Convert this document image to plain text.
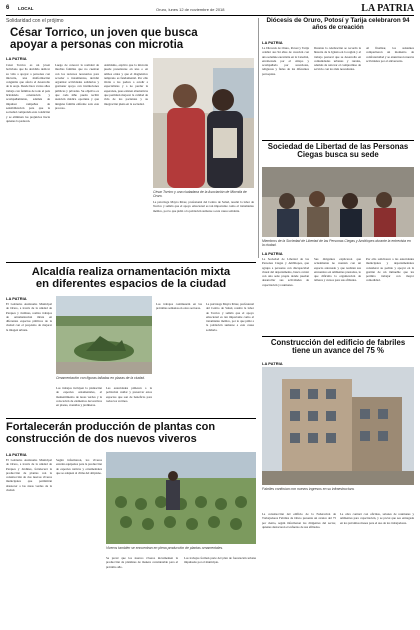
6 LOCAL	Oruro, lunes 12 de noviembre de 2018	LA PATRIA
Solidaridad con el prójimo
César Torrico, un joven que busca
apoyar a personas con microtia
LA PATRIA
César Torrico es un joven boliviano que ha decidido dedicar su vida a apoyar a personas con microtia, una malformación congénita que afecta el desarrollo de la oreja. Desde hace varios años trabaja con familias de todo el país brindando orientación y acompañamiento, además de impulsar campañas de sensibilización para que la sociedad comprenda esta condición y se eliminen los prejuicios hacia quienes la padecen.
Luego de conocer la realidad de muchas familias que no cuentan con los recursos necesarios para acceder a tratamientos, decidió organizar actividades solidarias y gestionar apoyo con instituciones públicas y privadas. Su objetivo es que cada niño pueda recibir atención médica oportuna y que ninguna familia enfrente sola este proceso.
Asimismo, explicó que la microtia puede presentarse en uno o en ambos oídos y que el diagnóstico temprano es fundamental. Por ello invita a los padres a acudir a especialistas y a no perder la esperanza, pues existen alternativas que permiten mejorar la calidad de vida de los pacientes y su integración plena en la sociedad.
César Torrico y una ciudadana de la Asociación de Microtia de Oruro.
La psicóloga Mayra Pérez, profesional del Centro de Salud, resaltó la labor de Torrico y señaló que el apoyo emocional es tan importante como el tratamiento médico, por lo que pidió a la población sumarse a esta causa solidaria.
Diócesis de Oruro, Potosí y Tarija celebraron 94 años de creación
LA PATRIA
La Diócesis de Oruro, Potosí y Tarija celebró sus 94 años de creación con una solemne eucaristía en la Catedral, encabezada por el obispo y acompañada por sacerdotes, religiosas y fieles de las diferentes parroquias.
Durante la celebración se recordó la historia de la Iglesia en la región y el trabajo pastoral que se desarrolla en comunidades urbanas y rurales, además de renovar el compromiso de servicio con los más necesitados.
Al finalizar, los asistentes compartieron un momento de confraternidad y se anunciaron nuevas actividades por el aniversario.
Sociedad de Libertad de las Personas Ciegas busca su sede
Miembros de la Sociedad de Libertad de las Personas Ciegas y Amblíopes durante la entrevista en la ciudad.
LA PATRIA
La Sociedad de Libertad de las Personas Ciegas y Amblíopes, que agrupa a personas con discapacidad visual del departamento, busca contar con una sede propia donde puedan desarrollar sus actividades de capacitación y reuniones.
Sus dirigentes explicaron que actualmente no cuentan con un espacio adecuado y que realizan sus encuentros en ambientes prestados, lo que dificulta la organización de talleres y cursos para sus afiliados.
Por ello solicitaron a las autoridades municipales y departamentales considerar su pedido y apoyar en la gestión de un inmueble que les permita trabajar con mayor comodidad.
Alcaldía realiza ornamentación mixta
en diferentes espacios de la ciudad
LA PATRIA
El Gobierno Autónomo Municipal de Oruro, a través de la unidad de Parques y Jardines, realiza trabajos de ornamentación mixta en diferentes espacios públicos de la ciudad con el propósito de mejorar la imagen urbana.
Ornamentación con figuras talladas en plazas de la ciudad.
Los trabajos incluyen la plantación de especies ornamentales, el mantenimiento de áreas verdes y la colocación de elementos decorativos en plazas, avenidas y jardineras.
Las autoridades pidieron a la población cuidar y preservar estos espacios que son de beneficio para todos los vecinos.
Los trabajos continuarán en las próximas semanas en otros sectores.
La psicóloga Mayra Pérez, profesional del Centro de Salud, resaltó la labor de Torrico y señaló que el apoyo emocional es tan importante como el tratamiento médico, por lo que pidió a la población sumarse a esta causa solidaria.
Construcción del edificio de fabriles tiene un avance del 75 %
LA PATRIA
Fabriles continúan con nuevos ingresos en su infraestructura.
Fortalecerán producción de plantas con
construcción de dos nuevos viveros
LA PATRIA
El Gobierno Autónomo Municipal de Oruro, a través de la unidad de Parques y Jardines, fortalecerá la producción de plantas con la construcción de dos nuevos viveros municipales que permitirán abastecer a las áreas verdes de la ciudad.
Según informaron, los viveros estarán equipados para la producción de especies nativas y ornamentales que se adapten al clima del altiplano.
Viveros también se encuentran en plena producción de plantas ornamentales.
Se prevé que los nuevos viveros incrementen la producción de plantines de manera considerable para el próximo año.
Los trabajos forman parte del plan de forestación urbana impulsado por el municipio.
La construcción del edificio de la Federación de Trabajadores Fabriles de Oruro presenta un avance del 75 por ciento, según informaron los dirigentes del sector, quienes destacaron el esfuerzo de sus afiliados.
La obra contará con oficinas, salones de reuniones y ambientes para capacitación, y se prevé que sea entregada en los próximos meses para el uso de los trabajadores.
